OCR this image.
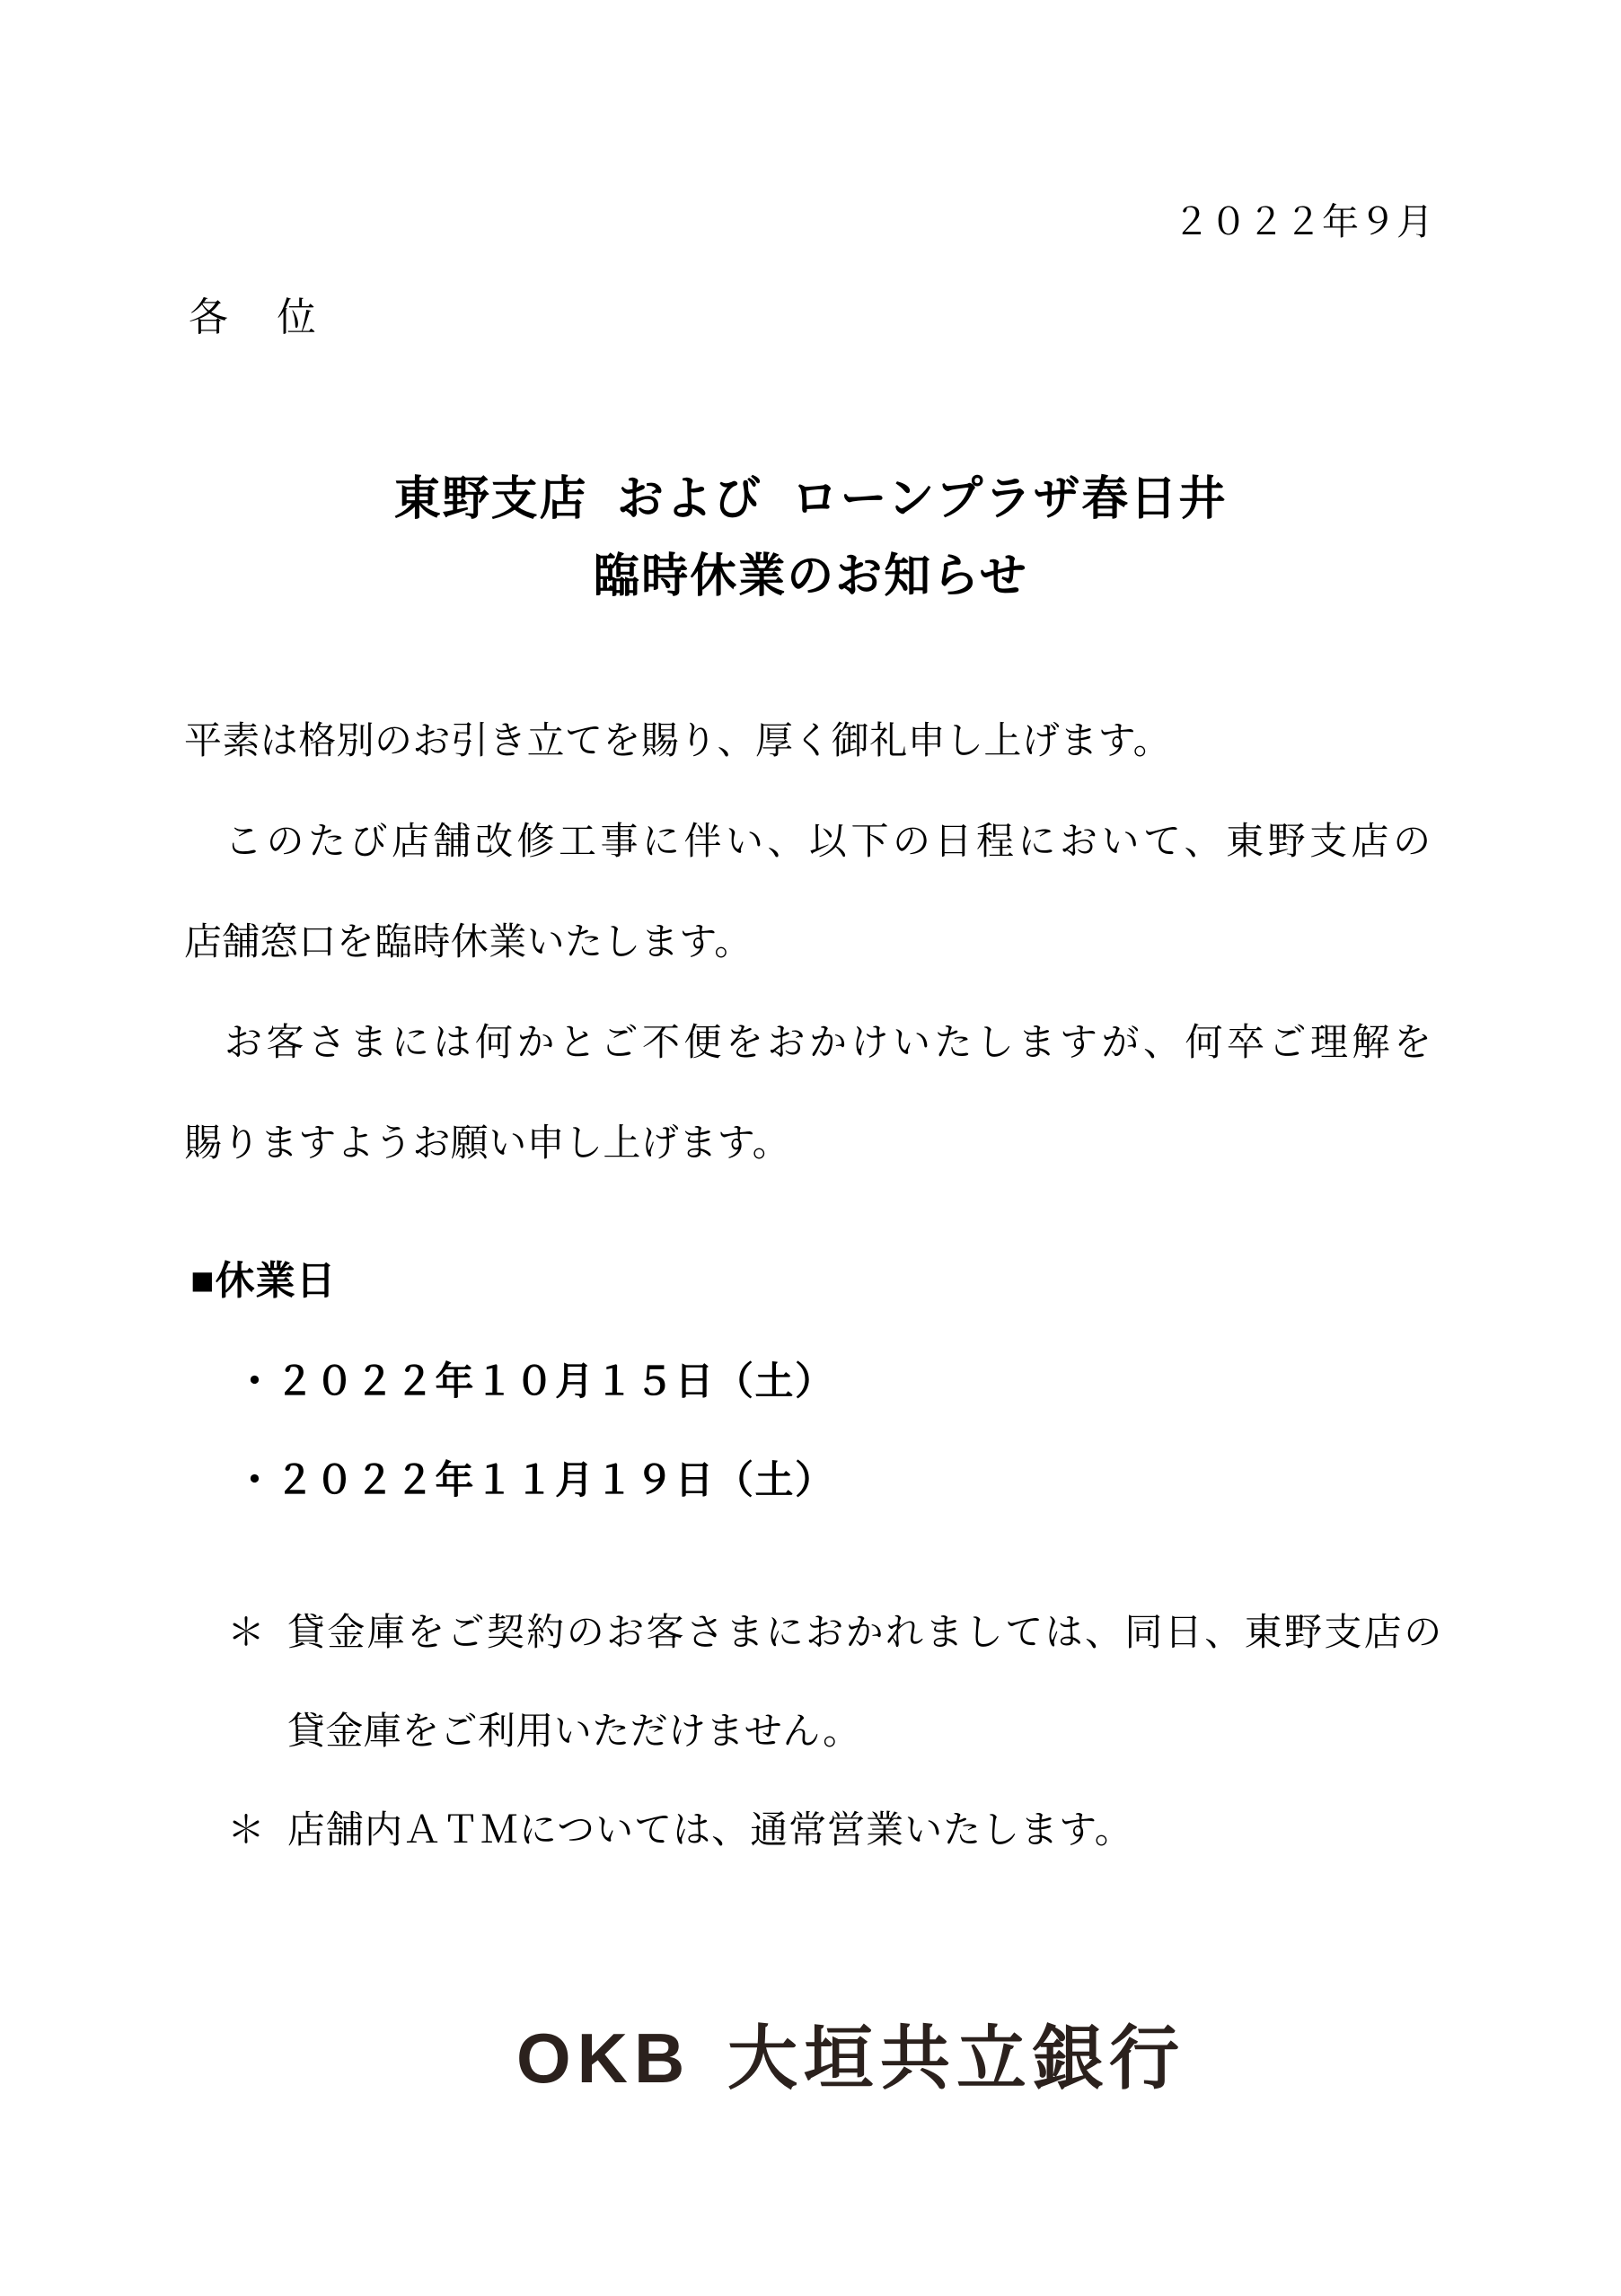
２０２２年９月
各　位
東野支店 および ローンプラザ春日井
臨時休業のお知らせ
平素は格別のお引き立てを賜り、厚く御礼申し上げます。
このたび店舗改修工事に伴い、以下の日程において、東野支店の
店舗窓口を臨時休業いたします。
お客さまには何かとご不便をおかけいたしますが、何卒ご理解を
賜りますようお願い申し上げます。
■休業日
・２０２２年１０月１５日（土）
・２０２２年１１月１９日（土）
＊ 貸金庫をご契約のお客さまにおかれましては、同日、東野支店の
貸金庫をご利用いただけません。
＊ 店舗内ＡＴＭについては、通常営業いたします。
OKB 大垣共立銀行
